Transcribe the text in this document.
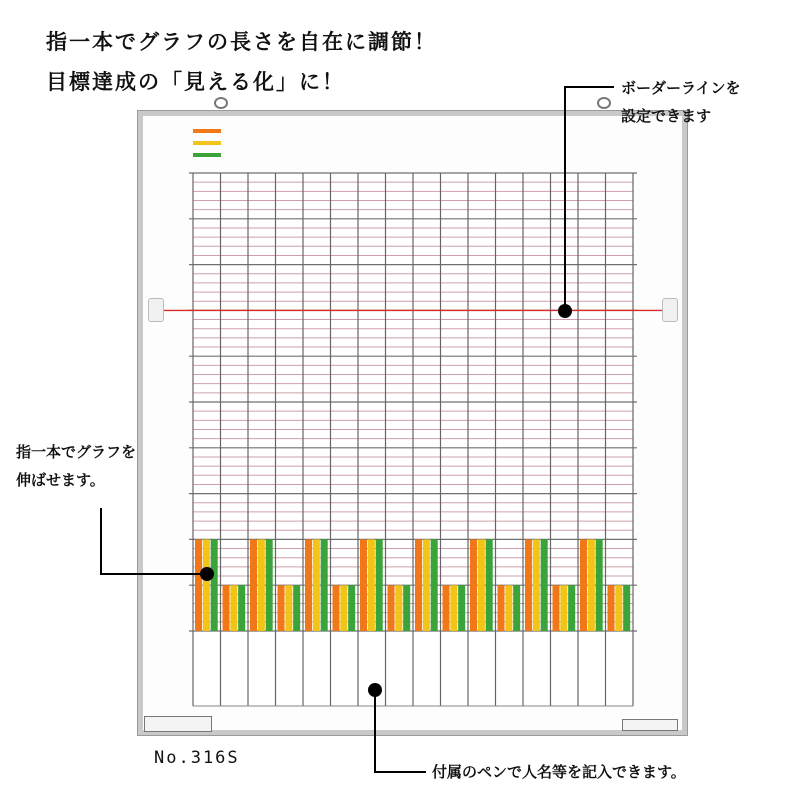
指一本でグラフの長さを自在に調節！
目標達成の「見える化」に！	ボーダーラインを
設定できます
指一本でグラフを
伸ばせます。
付属のペンで人名等を記入できます。
No.316S
